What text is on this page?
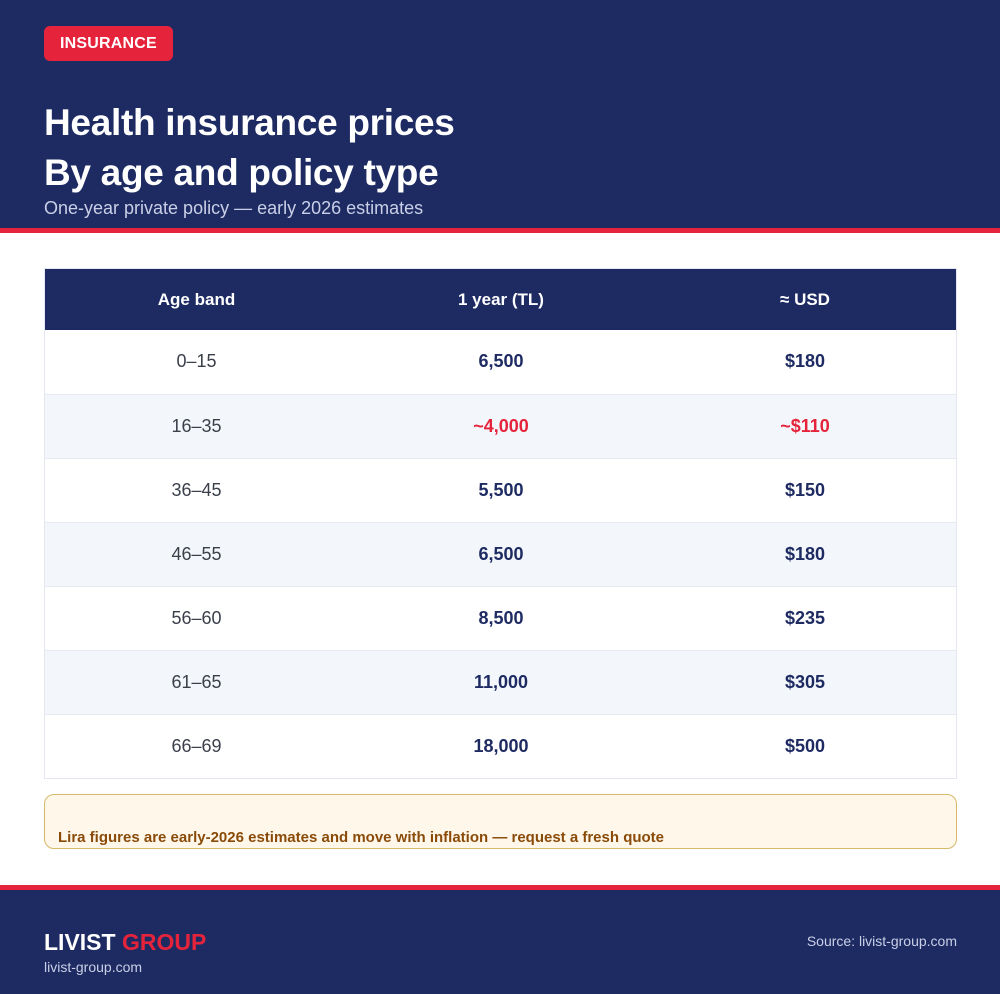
INSURANCE
Health insurance prices
By age and policy type
One-year private policy — early 2026 estimates
Age band	1 year (TL)	≈ USD
0–15	6,500	$180
16–35	~4,000	~$110
36–45	5,500	$150
46–55	6,500	$180
56–60	8,500	$235
61–65	11,000	$305
66–69	18,000	$500
Lira figures are early-2026 estimates and move with inflation — request a fresh quote
LIVIST GROUP
livist-group.com
Source: livist-group.com
